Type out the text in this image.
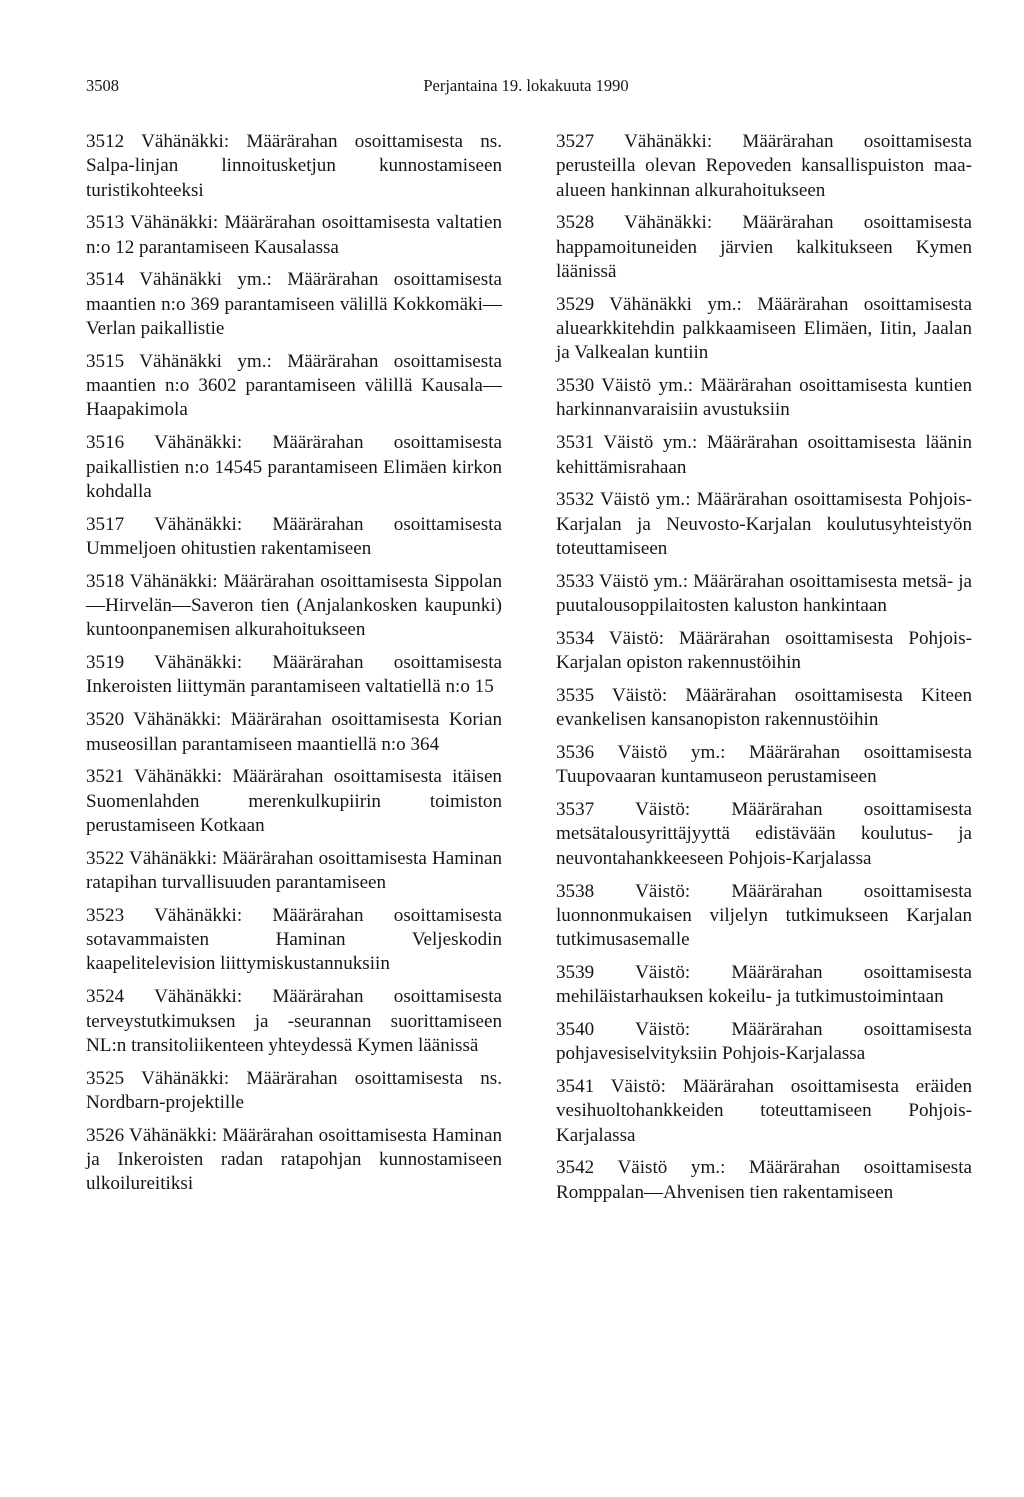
Perjantaina 19. lokakuuta 1990
3508

3512 Vähänäkki: Määrärahan osoittamisesta ns. Salpa-linjan linnoitusketjun kunnostamiseen turistikohteeksi

3513 Vähänäkki: Määrärahan osoittamisesta valtatien n:o 12 parantamiseen Kausalassa

3514 Vähänäkki ym.: Määrärahan osoittamisesta maantien n:o 369 parantamiseen välillä Kokkomäki—Verlan paikallistie

3515 Vähänäkki ym.: Määrärahan osoittamisesta maantien n:o 3602 parantamiseen välillä Kausala—Haapakimola

3516 Vähänäkki: Määrärahan osoittamisesta paikallistien n:o 14545 parantamiseen Elimäen kirkon kohdalla

3517 Vähänäkki: Määrärahan osoittamisesta Ummeljoen ohitustien rakentamiseen

3518 Vähänäkki: Määrärahan osoittamisesta Sippolan—Hirvelän—Saveron tien (Anjalankosken kaupunki) kuntoonpanemisen alkurahoitukseen

3519 Vähänäkki: Määrärahan osoittamisesta Inkeroisten liittymän parantamiseen valtatiellä n:o 15

3520 Vähänäkki: Määrärahan osoittamisesta Korian museosillan parantamiseen maantiellä n:o 364

3521 Vähänäkki: Määrärahan osoittamisesta itäisen Suomenlahden merenkulkupiirin toimiston perustamiseen Kotkaan

3522 Vähänäkki: Määrärahan osoittamisesta Haminan ratapihan turvallisuuden parantamiseen

3523 Vähänäkki: Määrärahan osoittamisesta sotavammaisten Haminan Veljeskodin kaapelitelevision liittymiskustannuksiin

3524 Vähänäkki: Määrärahan osoittamisesta terveystutkimuksen ja -seurannan suorittamiseen NL:n transitoliikenteen yhteydessä Kymen läänissä

3525 Vähänäkki: Määrärahan osoittamisesta ns. Nordbarn-projektille

3526 Vähänäkki: Määrärahan osoittamisesta Haminan ja Inkeroisten radan ratapohjan kunnostamiseen ulkoilureitiksi

3527 Vähänäkki: Määrärahan osoittamisesta perusteilla olevan Repoveden kansallispuiston maa-alueen hankinnan alkurahoitukseen

3528 Vähänäkki: Määrärahan osoittamisesta happamoituneiden järvien kalkitukseen Kymen läänissä

3529 Vähänäkki ym.: Määrärahan osoittamisesta aluearkkitehdin palkkaamiseen Elimäen, Iitin, Jaalan ja Valkealan kuntiin

3530 Väistö ym.: Määrärahan osoittamisesta kuntien harkinnanvaraisiin avustuksiin

3531 Väistö ym.: Määrärahan osoittamisesta läänin kehittämisrahaan

3532 Väistö ym.: Määrärahan osoittamisesta Pohjois-Karjalan ja Neuvosto-Karjalan koulutusyhteistyön toteuttamiseen

3533 Väistö ym.: Määrärahan osoittamisesta metsä- ja puutalousoppilaitosten kaluston hankintaan

3534 Väistö: Määrärahan osoittamisesta Pohjois-Karjalan opiston rakennustöihin

3535 Väistö: Määrärahan osoittamisesta Kiteen evankelisen kansanopiston rakennustöihin

3536 Väistö ym.: Määrärahan osoittamisesta Tuupovaaran kuntamuseon perustamiseen

3537 Väistö: Määrärahan osoittamisesta metsätalousyrittäjyyttä edistävään koulutus- ja neuvontahankkeeseen Pohjois-Karjalassa

3538 Väistö: Määrärahan osoittamisesta luonnonmukaisen viljelyn tutkimukseen Karjalan tutkimusasemalle

3539 Väistö: Määrärahan osoittamisesta mehiläistarhauksen kokeilu- ja tutkimustoimintaan

3540 Väistö: Määrärahan osoittamisesta pohjavesiselvityksiin Pohjois-Karjalassa

3541 Väistö: Määrärahan osoittamisesta eräiden vesihuoltohankkeiden toteuttamiseen Pohjois-Karjalassa

3542 Väistö ym.: Määrärahan osoittamisesta Romppalan—Ahvenisen tien rakentamiseen
